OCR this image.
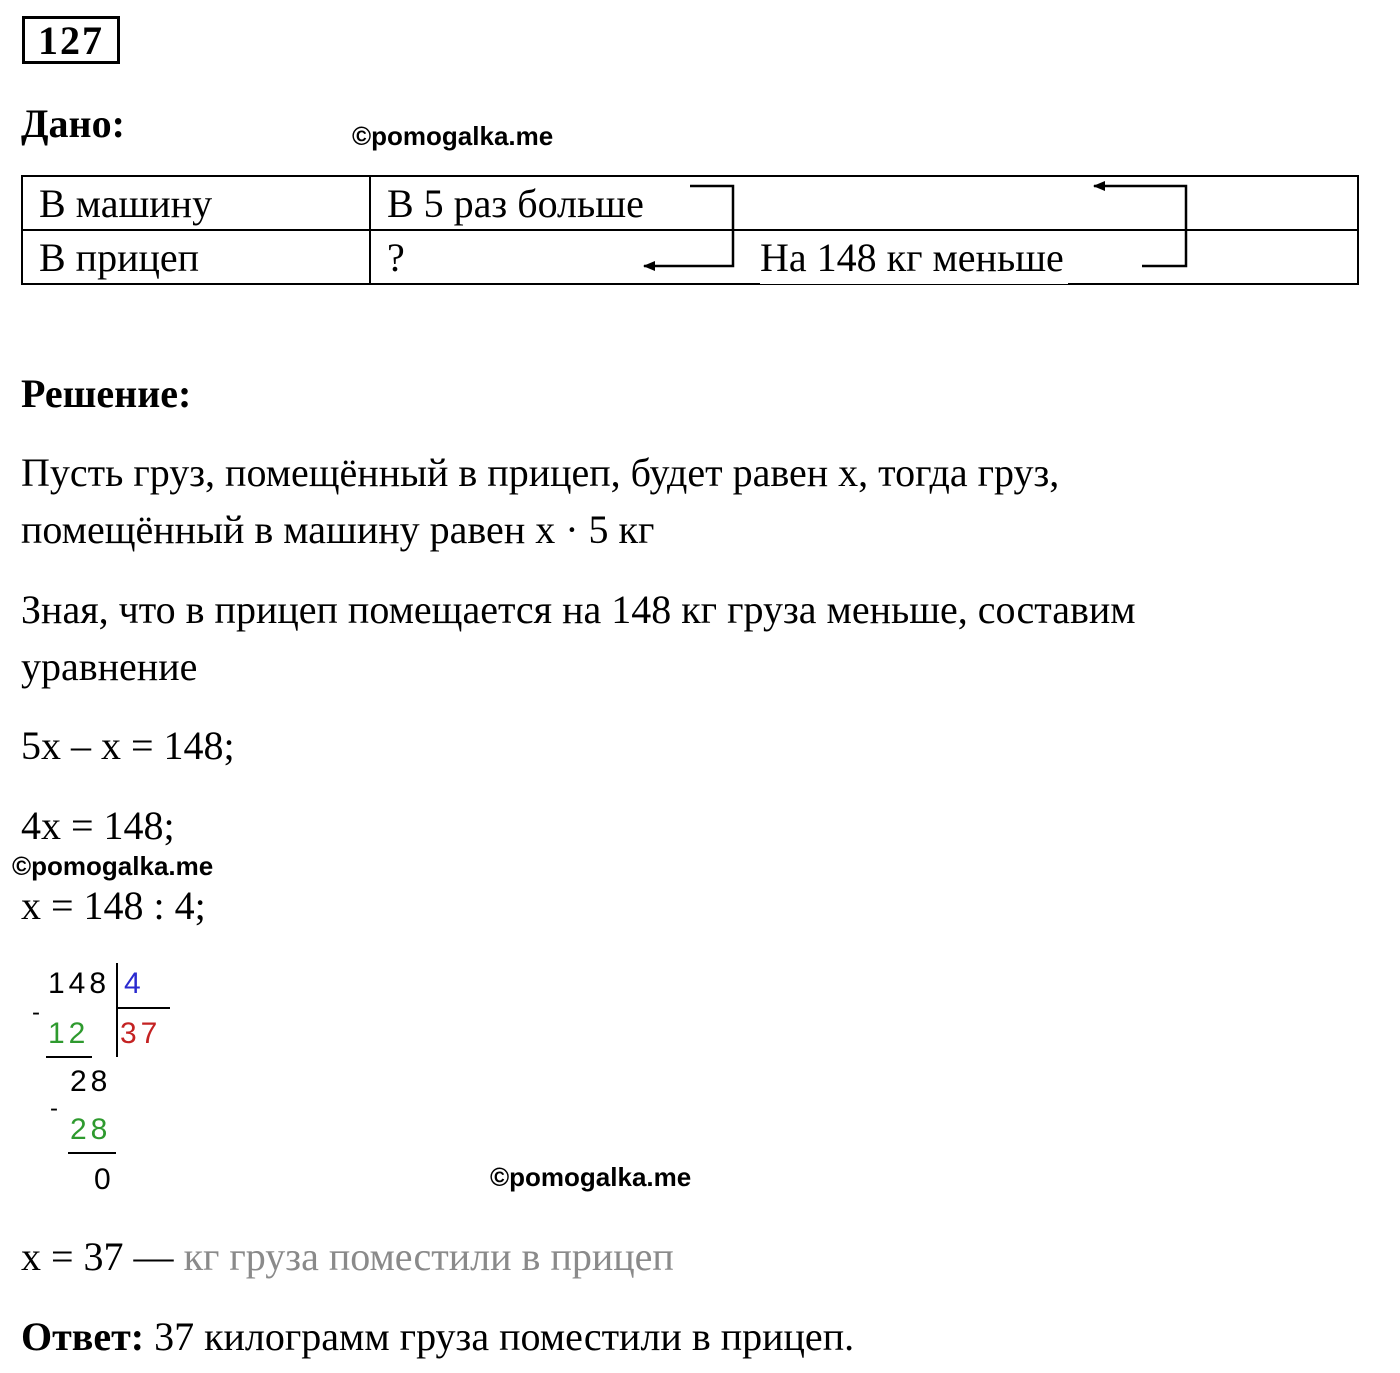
127
Дано:	©pomogalka.me
В машину	В 5 раз больше
В прицеп	?	На 148 кг меньше
Решение:
Пусть груз, помещённый в прицеп, будет равен х, тогда груз,
помещённый в машину равен х · 5 кг
Зная, что в прицеп помещается на 148 кг груза меньше, составим
уравнение
5х – х = 148;
4х = 148;
©pomogalka.me
х = 148 : 4;
148 4
37
-
12
28
-
28
0	©pomogalka.me
х = 37 — кг груза поместили в прицеп
Ответ: 37 килограмм груза поместили в прицеп.
